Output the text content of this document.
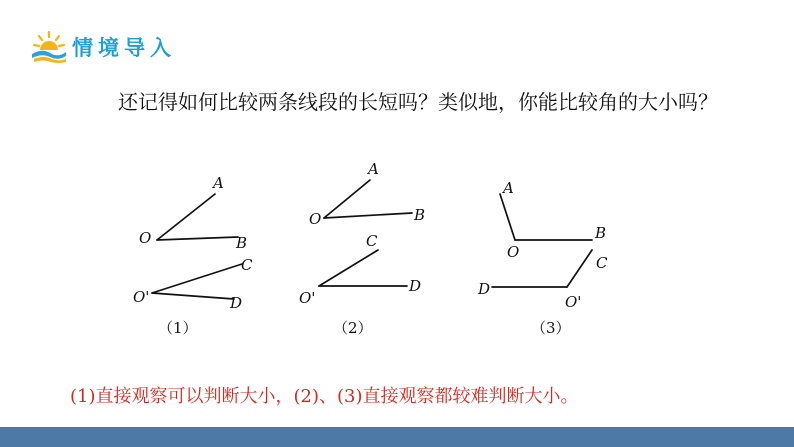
情境导入
还记得如何比较两条线段的长短吗？类似地，你能比较角的大小吗？
A
O	B
C
O'	D
（1）
A
O	B
C
O'
D
（2）
A
O
B
C
O'
D
（3）
(1)直接观察可以判断大小，(2)、(3)直接观察都较难判断大小。
